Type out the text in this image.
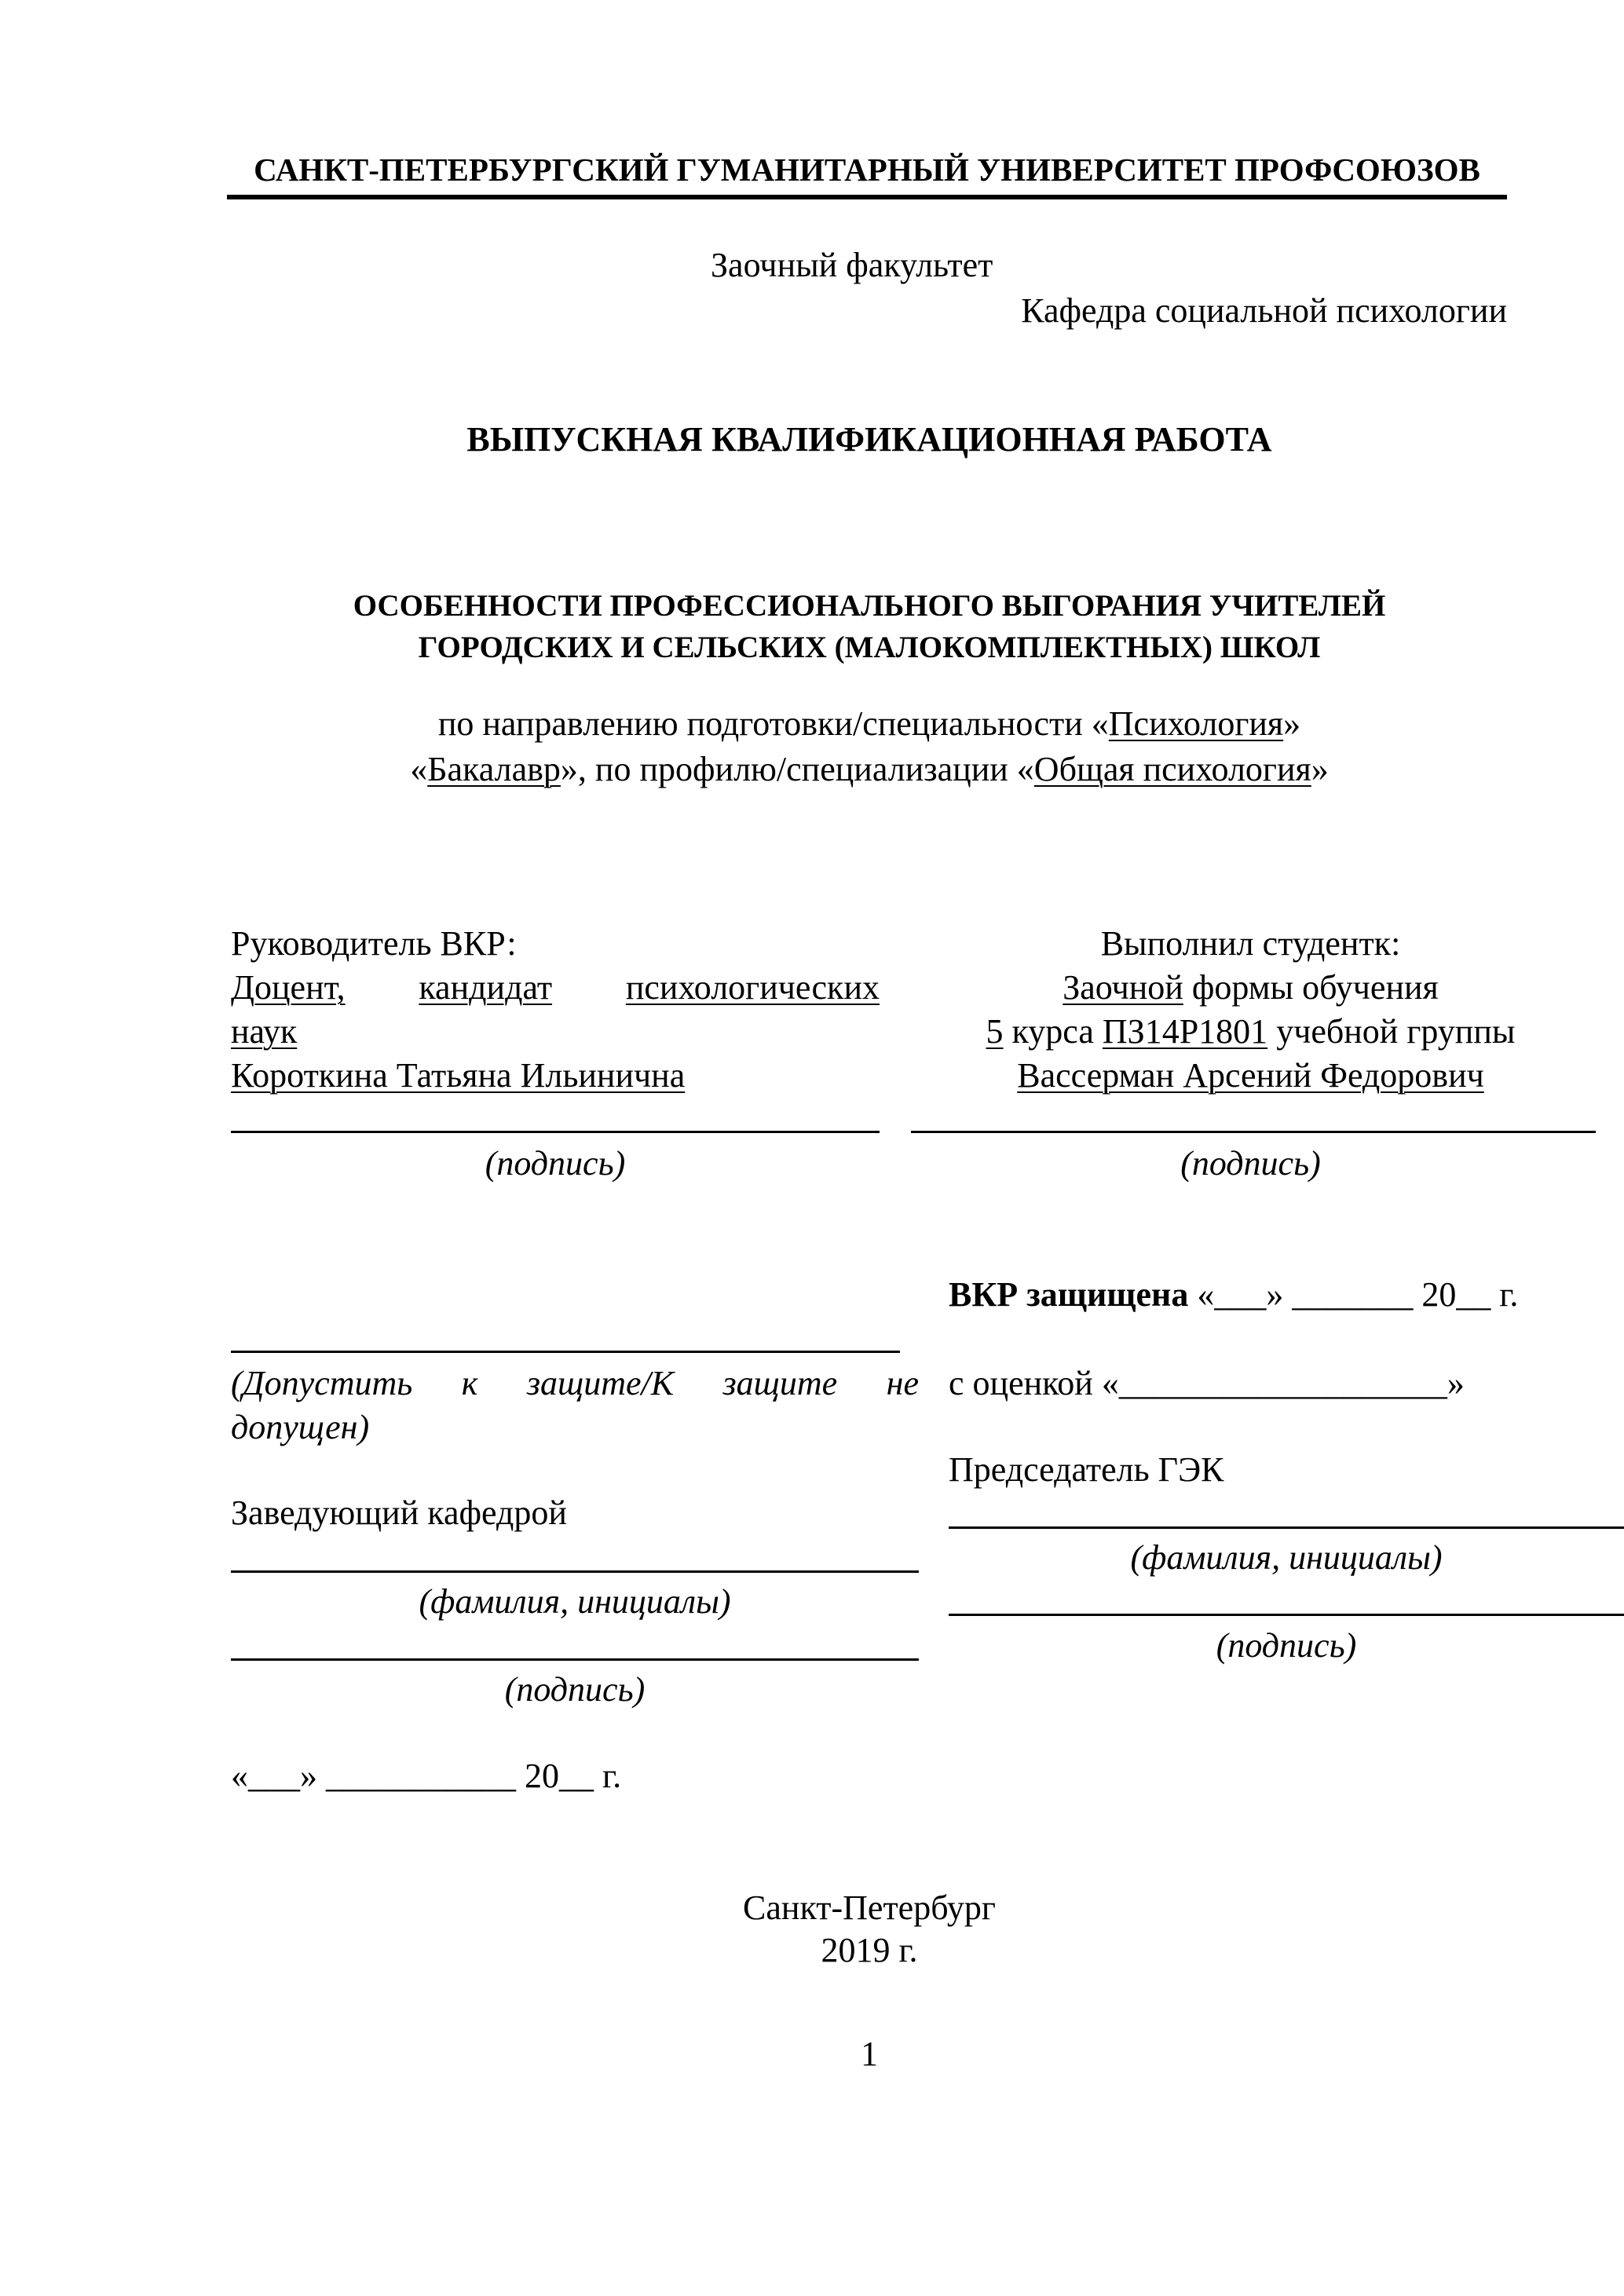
САНКТ-ПЕТЕРБУРГСКИЙ ГУМАНИТАРНЫЙ УНИВЕРСИТЕТ ПРОФСОЮЗОВ
Заочный факультет
Кафедра социальной психологии
ВЫПУСКНАЯ КВАЛИФИКАЦИОННАЯ РАБОТА
ОСОБЕННОСТИ ПРОФЕССИОНАЛЬНОГО ВЫГОРАНИЯ УЧИТЕЛЕЙ
ГОРОДСКИХ И СЕЛЬСКИХ (МАЛОКОМПЛЕКТНЫХ) ШКОЛ
по направлению подготовки/специальности «Психология»
«Бакалавр», по профилю/специализации «Общая психология»
Руководитель ВКР:
Доцент, кандидат психологических
наук
Короткина Татьяна Ильинична
(подпись)
Выполнил студентк:
Заочной формы обучения
5 курса ПЗ14Р1801 учебной группы
Вассерман Арсений Федорович
(подпись)
(Допустить к защите/К защите не
допущен)
Заведующий кафедрой
(фамилия, инициалы)
(подпись)
«___» ___________ 20__ г.
ВКР защищена «___» _______ 20__ г.
с оценкой «___________________»
Председатель ГЭК
(фамилия, инициалы)
(подпись)
Санкт-Петербург
2019 г.
1
